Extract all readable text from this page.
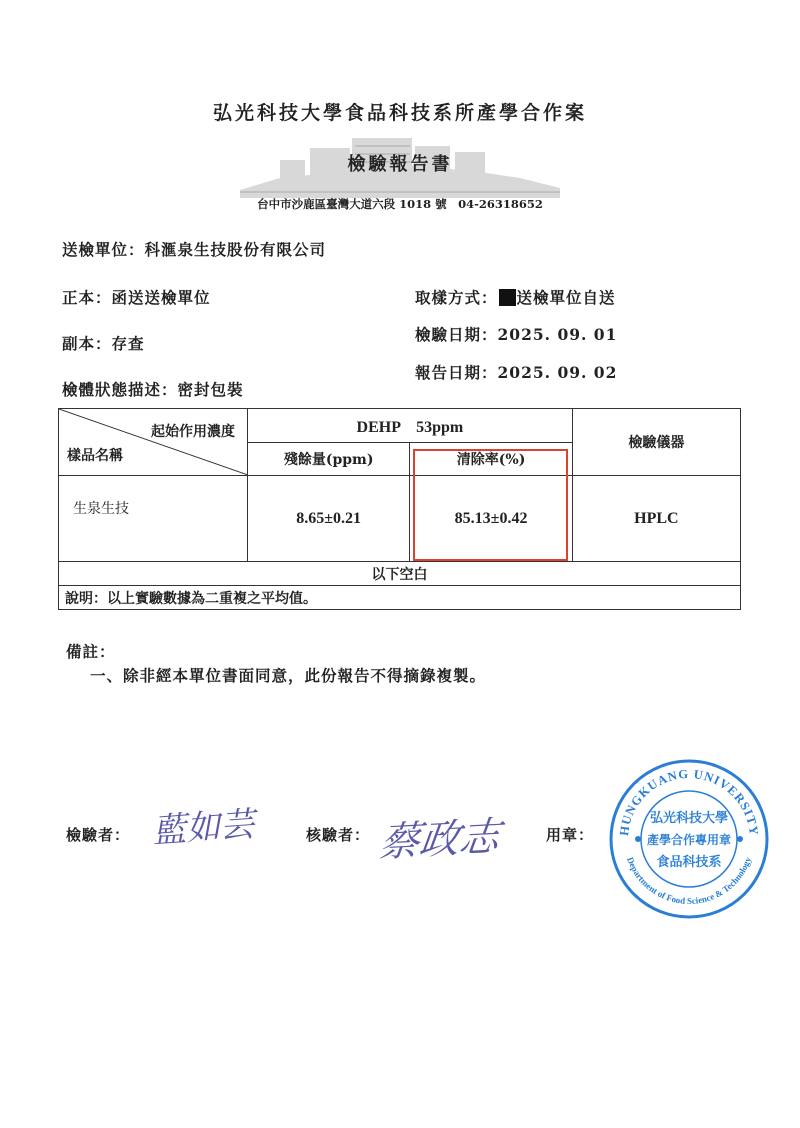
弘光科技大學食品科技系所產學合作案
檢驗報告書
台中市沙鹿區臺灣大道六段 1018 號　04-26318652
送檢單位：科滙泉生技股份有限公司
正本：函送送檢單位	取樣方式： 送檢單位自送
檢驗日期：2025. 09. 01
副本：存查
報告日期：2025. 09. 02
檢體狀態描述：密封包裝
起始作用濃度
樣品名稱	DEHP　53ppm		檢驗儀器
	殘餘量(ppm)	清除率(%)	
生泉生技	8.65±0.21	85.13±0.42	HPLC
以下空白			
說明：以上實驗數據為二重複之平均值。			
備註：
一、除非經本單位書面同意，此份報告不得摘錄複製。
檢驗者： 藍如芸	核驗者： 蔡政志	用章： HUNGKUANG UNIVERSITY
Department of Food Science & Technology
弘光科技大學
產學合作專用章
食品科技系
